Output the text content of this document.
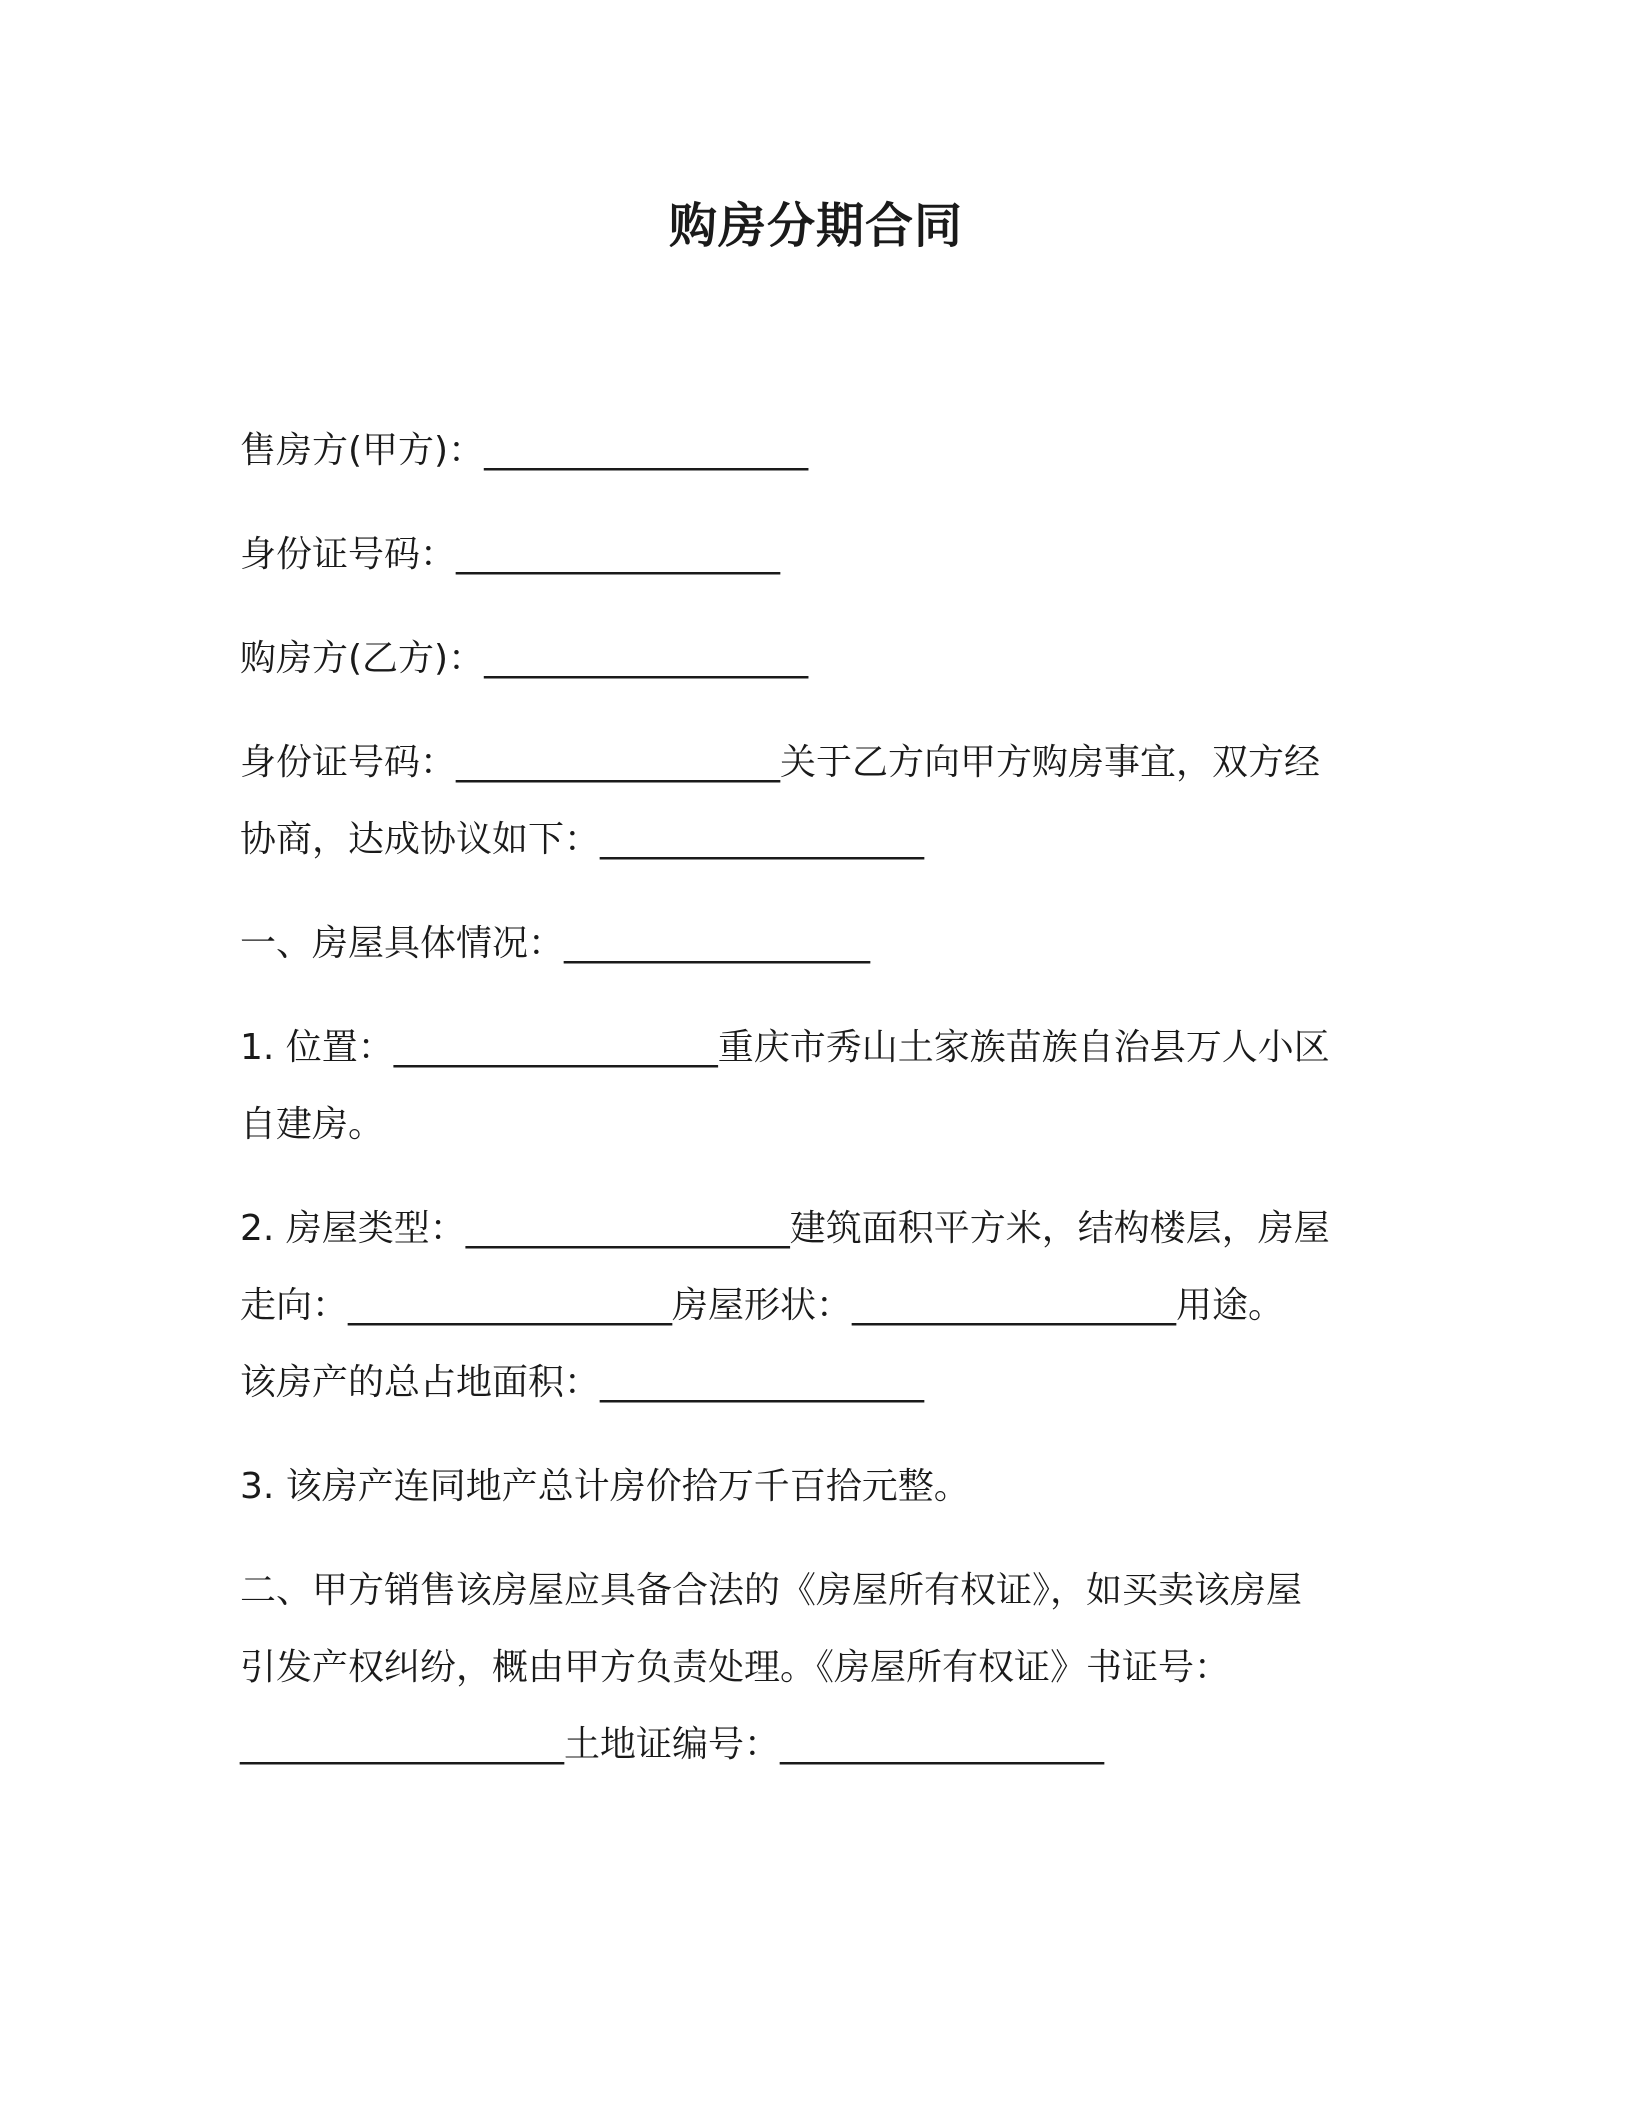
购房分期合同
售房方(甲方)：__________________
身份证号码：__________________
购房方(乙方)：__________________
身份证号码：__________________关于乙方向甲方购房事宜，双方经
协商，达成协议如下：__________________
一、房屋具体情况：_________________
1. 位置：__________________重庆市秀山土家族苗族自治县万人小区
自建房。
2. 房屋类型：__________________建筑面积平方米，结构楼层，房屋
走向：__________________房屋形状：__________________用途。
该房产的总占地面积：__________________
3. 该房产连同地产总计房价拾万千百拾元整。
二、甲方销售该房屋应具备合法的《房屋所有权证》，如买卖该房屋
引发产权纠纷，概由甲方负责处理。《房屋所有权证》书证号：
__________________土地证编号：__________________
